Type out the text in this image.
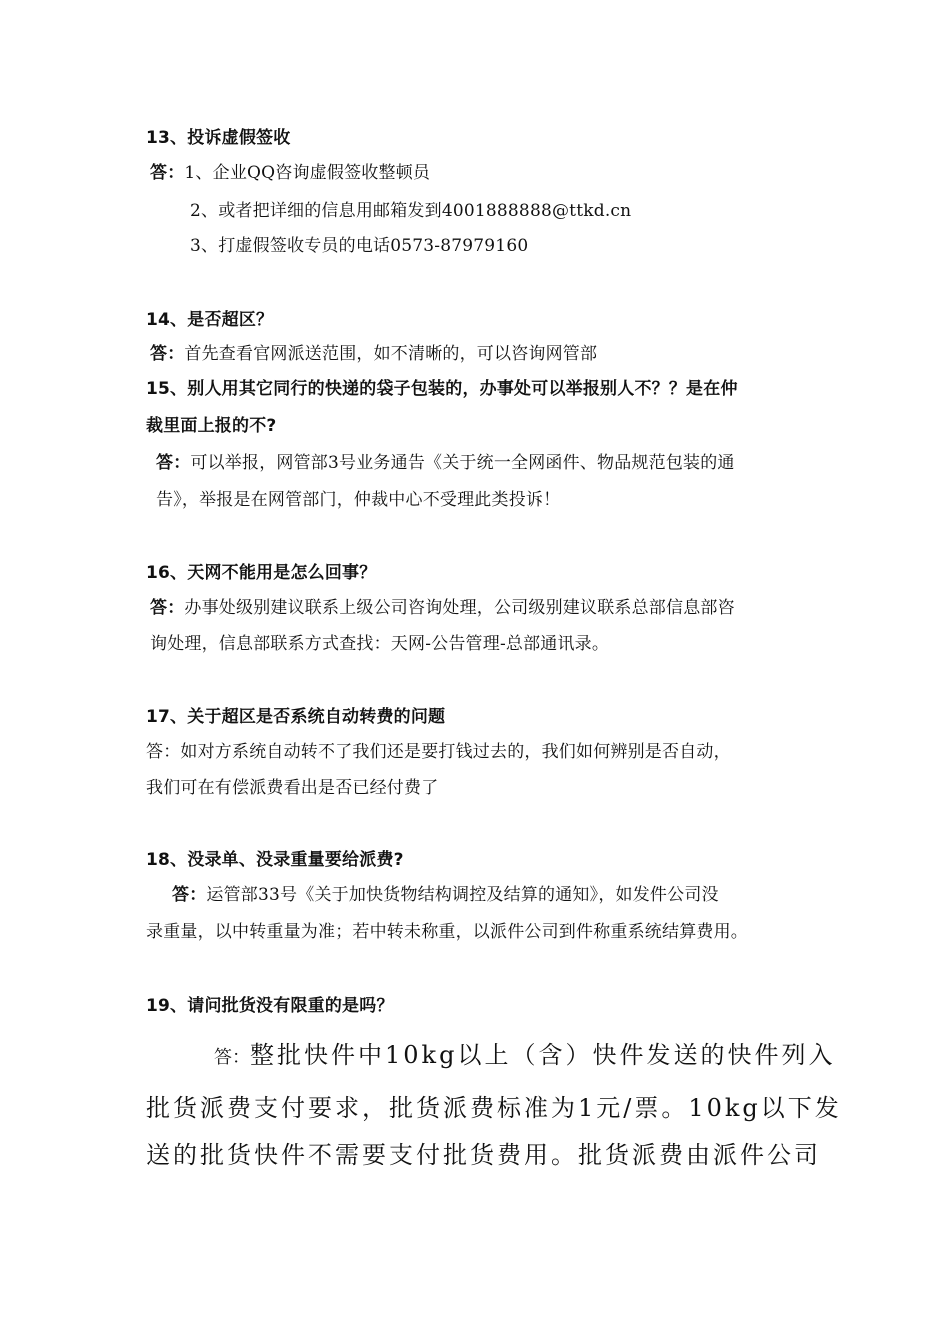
13、投诉虚假签收
答：1、企业QQ咨询虚假签收整顿员
2、或者把详细的信息用邮箱发到4001888888@ttkd.cn
3、打虚假签收专员的电话0573-87979160
14、是否超区？
答：首先查看官网派送范围，如不清晰的，可以咨询网管部
15、别人用其它同行的快递的袋子包装的，办事处可以举报别人不？？是在仲
裁里面上报的不?
答：可以举报，网管部3号业务通告《关于统一全网函件、物品规范包装的通
告》，举报是在网管部门，仲裁中心不受理此类投诉！
16、天网不能用是怎么回事？
答：办事处级别建议联系上级公司咨询处理，公司级别建议联系总部信息部咨
询处理，信息部联系方式查找：天网-公告管理-总部通讯录。
17、关于超区是否系统自动转费的问题
答：如对方系统自动转不了我们还是要打钱过去的，我们如何辨别是否自动，
我们可在有偿派费看出是否已经付费了
18、没录单、没录重量要给派费?
答：运管部33号《关于加快货物结构调控及结算的通知》，如发件公司没
录重量，以中转重量为准；若中转未称重，以派件公司到件称重系统结算费用。
19、请问批货没有限重的是吗？
答：整批快件中10kg以上（含）快件发送的快件列入
批货派费支付要求，批货派费标准为1元/票。10kg以下发
送的批货快件不需要支付批货费用。批货派费由派件公司
